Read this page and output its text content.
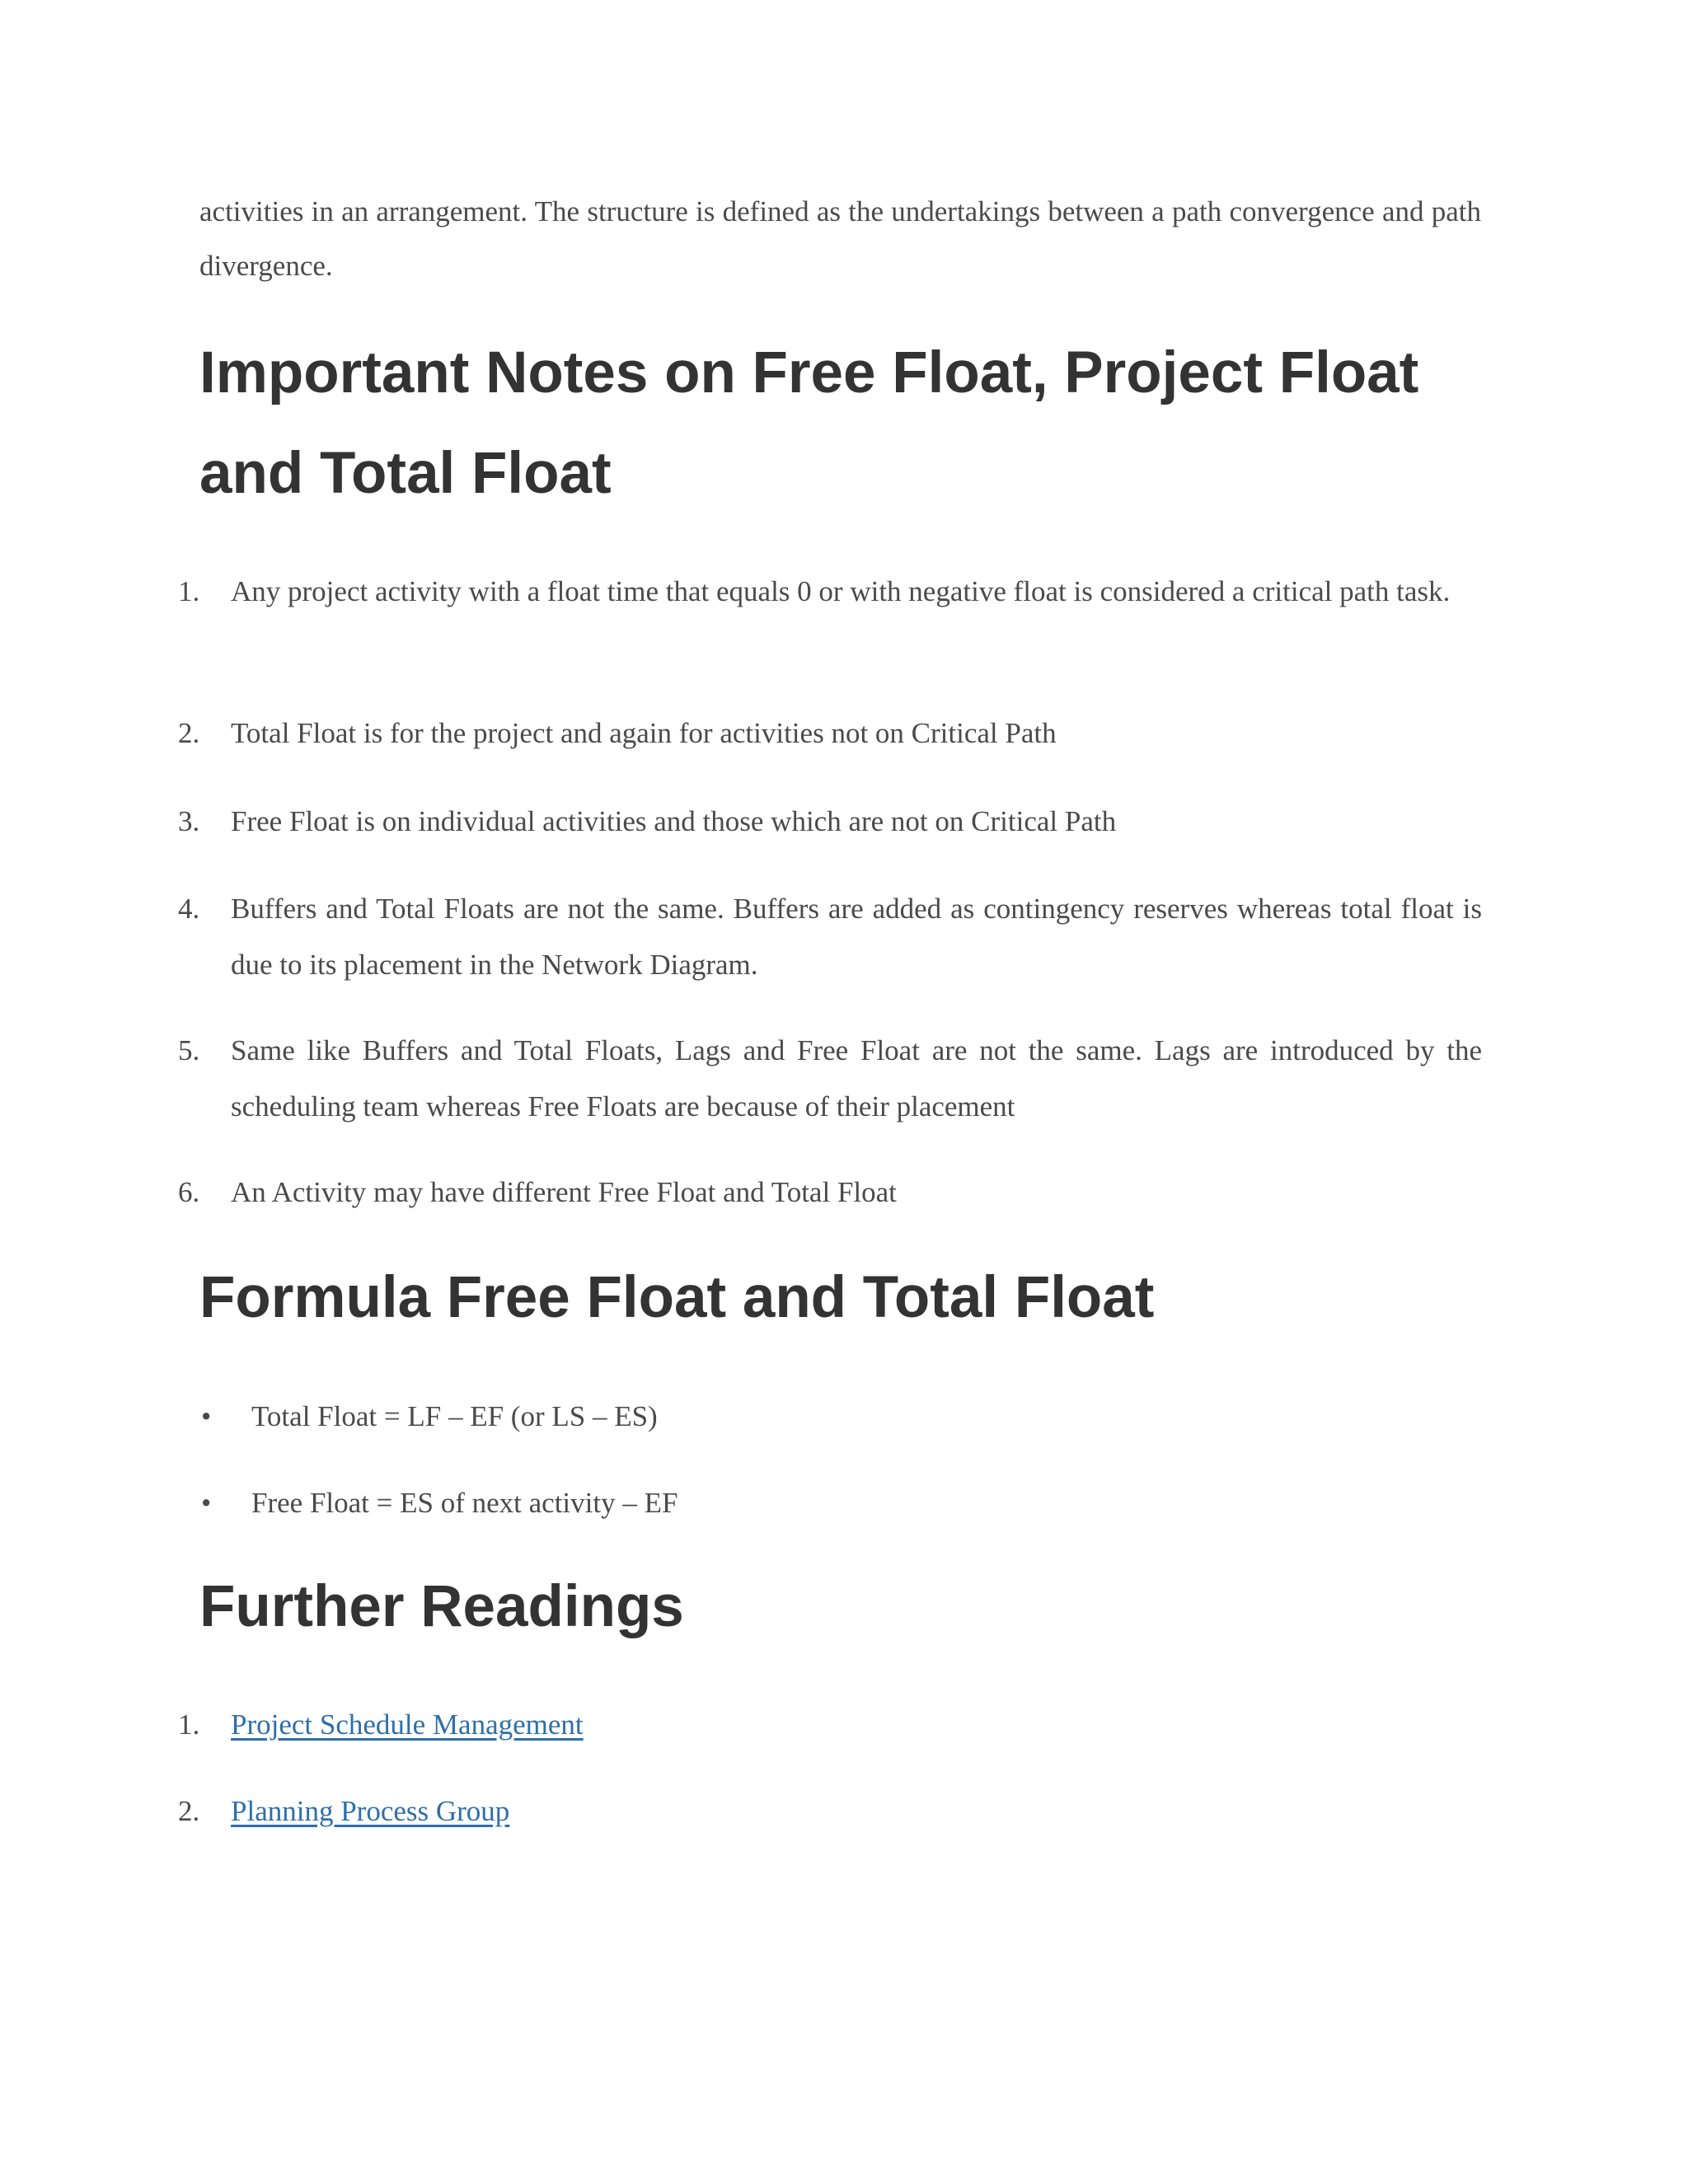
activities in an arrangement. The structure is defined as the undertakings between a path convergence and path divergence.

Important Notes on Free Float, Project Float
and Total Float
1. Any project activity with a float time that equals 0 or with negative float is considered a critical path task.
2. Total Float is for the project and again for activities not on Critical Path
3. Free Float is on individual activities and those which are not on Critical Path
4. Buffers and Total Floats are not the same. Buffers are added as contingency reserves whereas total float is due to its placement in the Network Diagram.
5. Same like Buffers and Total Floats, Lags and Free Float are not the same. Lags are introduced by the scheduling team whereas Free Floats are because of their placement
6. An Activity may have different Free Float and Total Float
Formula Free Float and Total Float
• Total Float = LF – EF (or LS – ES)
• Free Float = ES of next activity – EF
Further Readings
1. Project Schedule Management
2. Planning Process Group
